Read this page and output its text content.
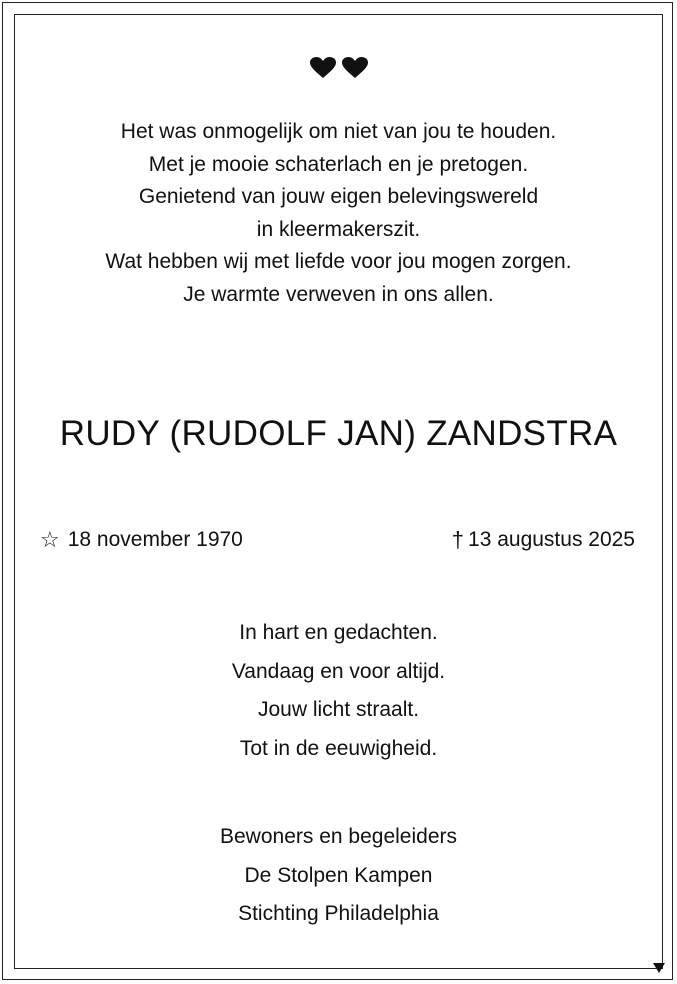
Het was onmogelijk om niet van jou te houden.
Met je mooie schaterlach en je pretogen.
Genietend van jouw eigen belevingswereld
in kleermakerszit.
Wat hebben wij met liefde voor jou mogen zorgen.
Je warmte verweven in ons allen.
RUDY (RUDOLF JAN) ZANDSTRA
☆ 18 november 1970	† 13 augustus 2025
In hart en gedachten.
Vandaag en voor altijd.
Jouw licht straalt.
Tot in de eeuwigheid.
Bewoners en begeleiders
De Stolpen Kampen
Stichting Philadelphia
